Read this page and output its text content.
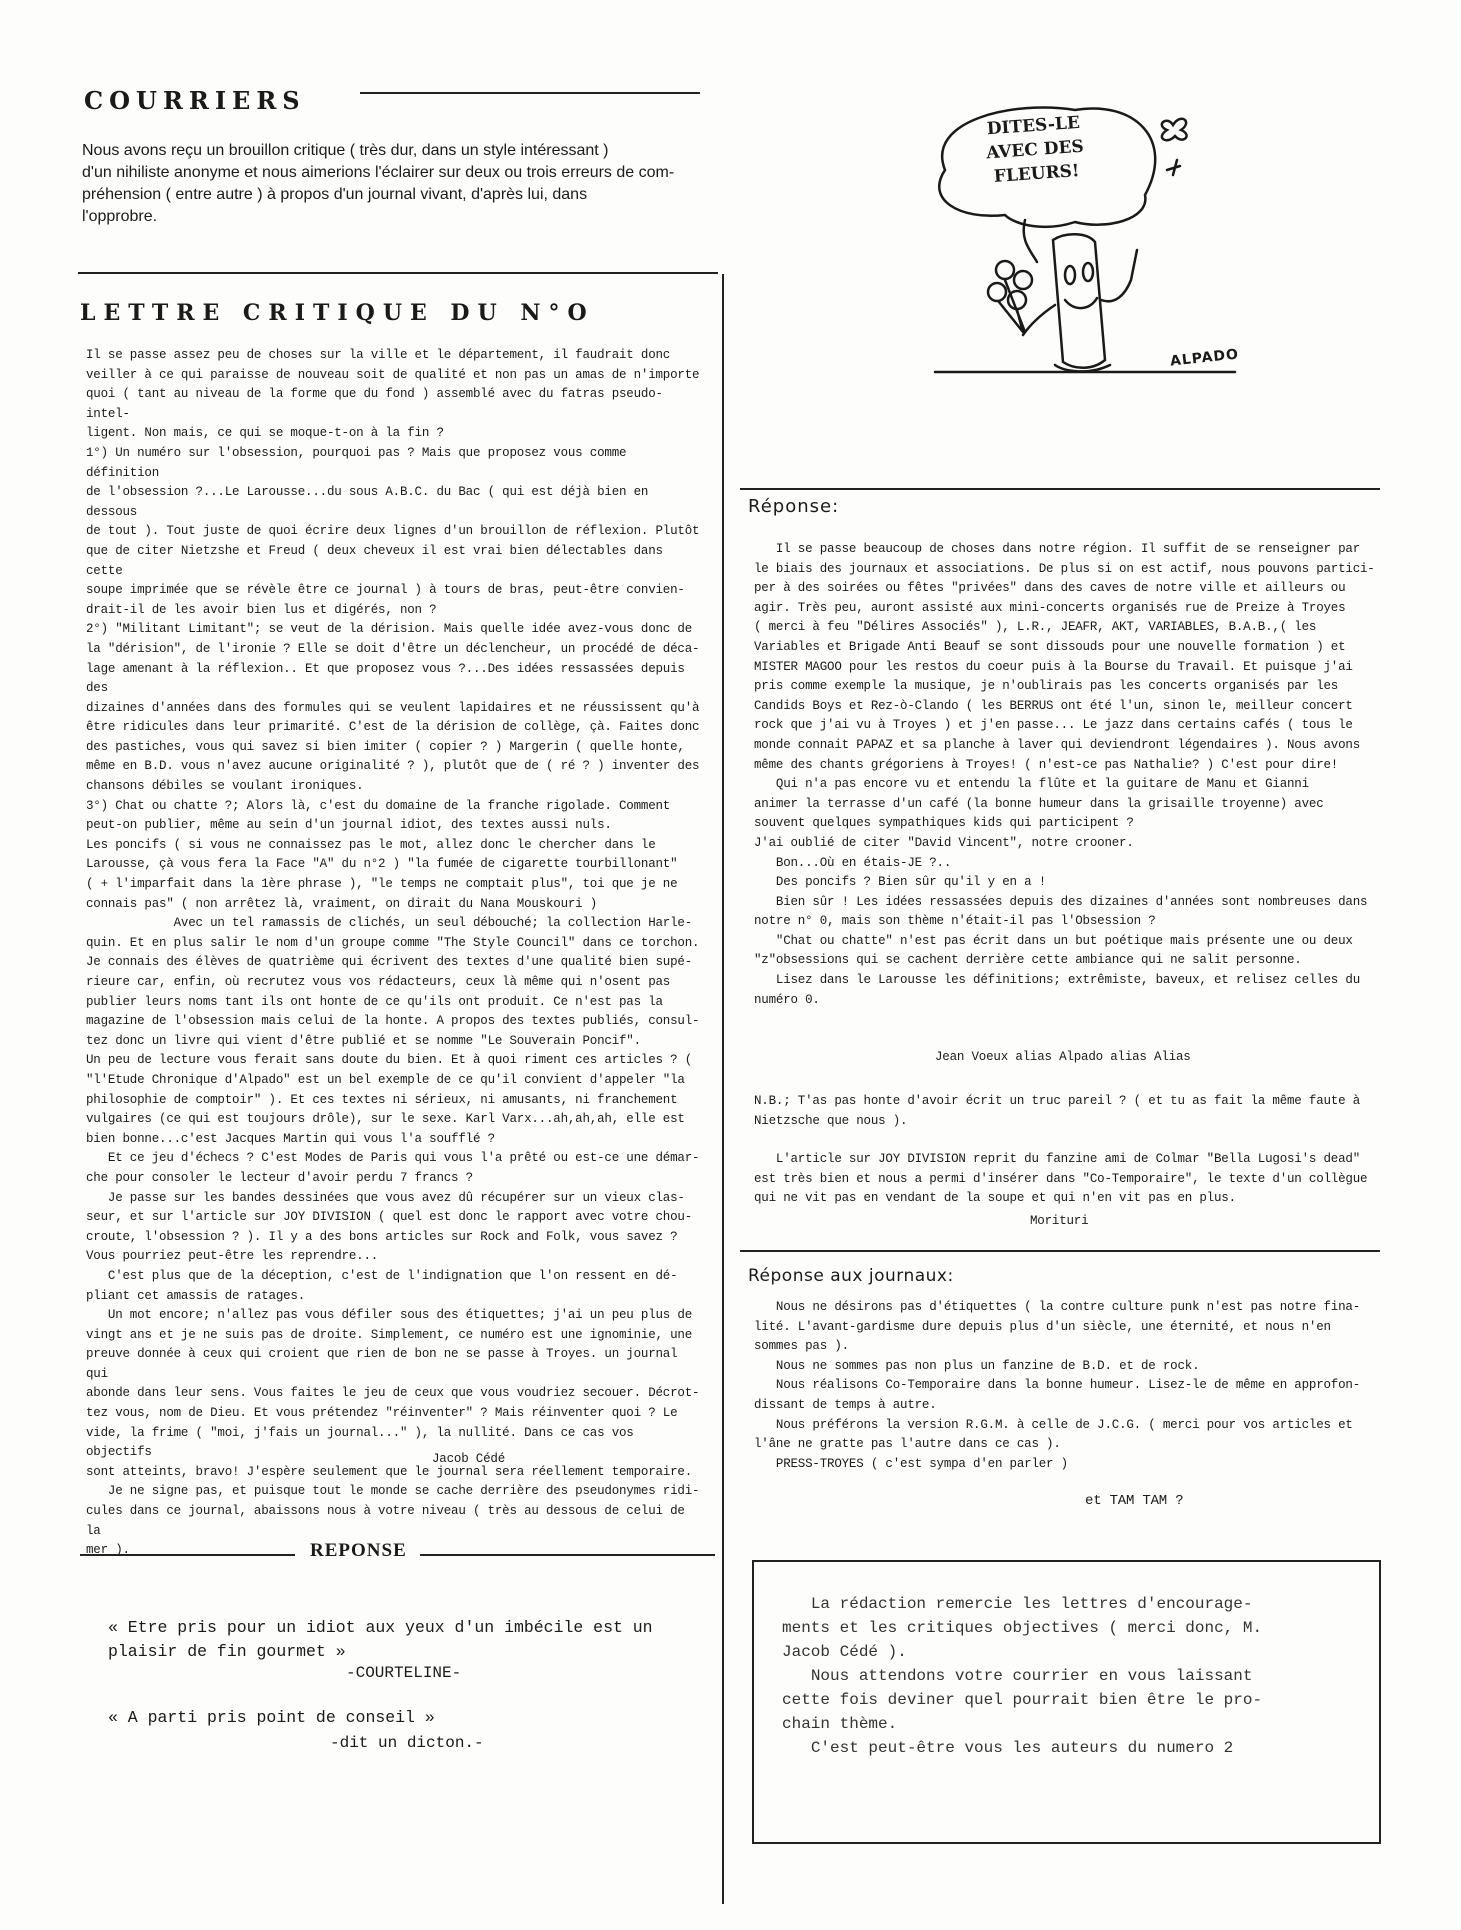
COURRIERS

Nous avons reçu un brouillon critique ( très dur, dans un style intéressant )
d'un nihiliste anonyme et nous aimerions l'éclairer sur deux ou trois erreurs de com-
préhension ( entre autre ) à propos d'un journal vivant, d'après lui, dans
l'opprobre.

LETTRE CRITIQUE DU N°O

Il se passe assez peu de choses sur la ville et le département, il faudrait donc
veiller à ce qui paraisse de nouveau soit de qualité et non pas un amas de n'importe
quoi ( tant au niveau de la forme que du fond ) assemblé avec du fatras pseudo-intel-
ligent. Non mais, ce qui se moque-t-on à la fin ?
1°) Un numéro sur l'obsession, pourquoi pas ? Mais que proposez vous comme définition
de l'obsession ?...Le Larousse...du sous A.B.C. du Bac ( qui est déjà bien en dessous
de tout ). Tout juste de quoi écrire deux lignes d'un brouillon de réflexion. Plutôt
que de citer Nietzshe et Freud ( deux cheveux il est vrai bien délectables dans cette
soupe imprimée que se révèle être ce journal ) à tours de bras, peut-être convien-
drait-il de les avoir bien lus et digérés, non ?
2°) "Militant Limitant"; se veut de la dérision. Mais quelle idée avez-vous donc de
la "dérision", de l'ironie ? Elle se doit d'être un déclencheur, un procédé de déca-
lage amenant à la réflexion.. Et que proposez vous ?...Des idées ressassées depuis des
dizaines d'années dans des formules qui se veulent lapidaires et ne réussissent qu'à
être ridicules dans leur primarité. C'est de la dérision de collège, çà. Faites donc
des pastiches, vous qui savez si bien imiter ( copier ? ) Margerin ( quelle honte,
même en B.D. vous n'avez aucune originalité ? ), plutôt que de ( ré ? ) inventer des
chansons débiles se voulant ironiques.
3°) Chat ou chatte ?; Alors là, c'est du domaine de la franche rigolade. Comment
peut-on publier, même au sein d'un journal idiot, des textes aussi nuls.
Les poncifs ( si vous ne connaissez pas le mot, allez donc le chercher dans le
Larousse, çà vous fera la Face "A" du n°2 ) "la fumée de cigarette tourbillonant"
( + l'imparfait dans la 1ère phrase ), "le temps ne comptait plus", toi que je ne
connais pas" ( non arrêtez là, vraiment, on dirait du Nana Mouskouri )
Avec un tel ramassis de clichés, un seul débouché; la collection Harle-
quin. Et en plus salir le nom d'un groupe comme "The Style Council" dans ce torchon.
Je connais des élèves de quatrième qui écrivent des textes d'une qualité bien supé-
rieure car, enfin, où recrutez vous vos rédacteurs, ceux là même qui n'osent pas
publier leurs noms tant ils ont honte de ce qu'ils ont produit. Ce n'est pas la
magazine de l'obsession mais celui de la honte. A propos des textes publiés, consul-
tez donc un livre qui vient d'être publié et se nomme "Le Souverain Poncif".
Un peu de lecture vous ferait sans doute du bien. Et à quoi riment ces articles ? (
"l'Etude Chronique d'Alpado" est un bel exemple de ce qu'il convient d'appeler "la
philosophie de comptoir" ). Et ces textes ni sérieux, ni amusants, ni franchement
vulgaires (ce qui est toujours drôle), sur le sexe. Karl Varx...ah,ah,ah, elle est
bien bonne...c'est Jacques Martin qui vous l'a soufflé ?
Et ce jeu d'échecs ? C'est Modes de Paris qui vous l'a prêté ou est-ce une démar-
che pour consoler le lecteur d'avoir perdu 7 francs ?
Je passe sur les bandes dessinées que vous avez dû récupérer sur un vieux clas-
seur, et sur l'article sur JOY DIVISION ( quel est donc le rapport avec votre chou-
croute, l'obsession ? ). Il y a des bons articles sur Rock and Folk, vous savez ?
Vous pourriez peut-être les reprendre...
C'est plus que de la déception, c'est de l'indignation que l'on ressent en dé-
pliant cet amassis de ratages.
Un mot encore; n'allez pas vous défiler sous des étiquettes; j'ai un peu plus de
vingt ans et je ne suis pas de droite. Simplement, ce numéro est une ignominie, une
preuve donnée à ceux qui croient que rien de bon ne se passe à Troyes. un journal qui
abonde dans leur sens. Vous faites le jeu de ceux que vous voudriez secouer. Décrot-
tez vous, nom de Dieu. Et vous prétendez "réinventer" ? Mais réinventer quoi ? Le
vide, la frime ( "moi, j'fais un journal..." ), la nullité. Dans ce cas vos objectifs
sont atteints, bravo! J'espère seulement que le journal sera réellement temporaire.
Je ne signe pas, et puisque tout le monde se cache derrière des pseudonymes ridi-
cules dans ce journal, abaissons nous à votre niveau ( très au dessous de celui de la
mer ).

Jacob Cédé
REPONSE

« Etre pris pour un idiot aux yeux d'un imbécile est un
plaisir de fin gourmet »

-COURTELINE-

« A parti pris point de conseil »

-dit un dicton.-

DITES-LE
AVEC DES
FLEURS!

ALPADO
Réponse:

Il se passe beaucoup de choses dans notre région. Il suffit de se renseigner par
le biais des journaux et associations. De plus si on est actif, nous pouvons partici-
per à des soirées ou fêtes "privées" dans des caves de notre ville et ailleurs ou
agir. Très peu, auront assisté aux mini-concerts organisés rue de Preize à Troyes
( merci à feu "Délires Associés" ), L.R., JEAFR, AKT, VARIABLES, B.A.B.,( les
Variables et Brigade Anti Beauf se sont dissouds pour une nouvelle formation ) et
MISTER MAGOO pour les restos du coeur puis à la Bourse du Travail. Et puisque j'ai
pris comme exemple la musique, je n'oublirais pas les concerts organisés par les
Candids Boys et Rez-ò-Clando ( les BERRUS ont été l'un, sinon le, meilleur concert
rock que j'ai vu à Troyes ) et j'en passe... Le jazz dans certains cafés ( tous le
monde connait PAPAZ et sa planche à laver qui deviendront légendaires ). Nous avons
même des chants grégoriens à Troyes! ( n'est-ce pas Nathalie? ) C'est pour dire!
Qui n'a pas encore vu et entendu la flûte et la guitare de Manu et Gianni
animer la terrasse d'un café (la bonne humeur dans la grisaille troyenne) avec
souvent quelques sympathiques kids qui participent ?
J'ai oublié de citer "David Vincent", notre crooner.
Bon...Où en étais-JE ?..
Des poncifs ? Bien sûr qu'il y en a !
Bien sûr ! Les idées ressassées depuis des dizaines d'années sont nombreuses dans
notre n° 0, mais son thème n'était-il pas l'Obsession ?
"Chat ou chatte" n'est pas écrit dans un but poétique mais présente une ou deux
"z"obsessions qui se cachent derrière cette ambiance qui ne salit personne.
Lisez dans le Larousse les définitions; extrêmiste, baveux, et relisez celles du
numéro 0.

Jean Voeux alias Alpado alias Alias

N.B.; T'as pas honte d'avoir écrit un truc pareil ? ( et tu as fait la même faute à
Nietzsche que nous ).

L'article sur JOY DIVISION reprit du fanzine ami de Colmar "Bella Lugosi's dead"
est très bien et nous a permi d'insérer dans "Co-Temporaire", le texte d'un collègue
qui ne vit pas en vendant de la soupe et qui n'en vit pas en plus.

Morituri
Réponse aux journaux:

Nous ne désirons pas d'étiquettes ( la contre culture punk n'est pas notre fina-
lité. L'avant-gardisme dure depuis plus d'un siècle, une éternité, et nous n'en
sommes pas ).
Nous ne sommes pas non plus un fanzine de B.D. et de rock.
Nous réalisons Co-Temporaire dans la bonne humeur. Lisez-le de même en approfon-
dissant de temps à autre.
Nous préférons la version R.G.M. à celle de J.C.G. ( merci pour vos articles et
l'âne ne gratte pas l'autre dans ce cas ).
PRESS-TROYES ( c'est sympa d'en parler )

et TAM TAM ?

La rédaction remercie les lettres d'encourage-
ments et les critiques objectives ( merci donc, M.
Jacob Cédé ).
Nous attendons votre courrier en vous laissant
cette fois deviner quel pourrait bien être le pro-
chain thème.
C'est peut-être vous les auteurs du numero 2
